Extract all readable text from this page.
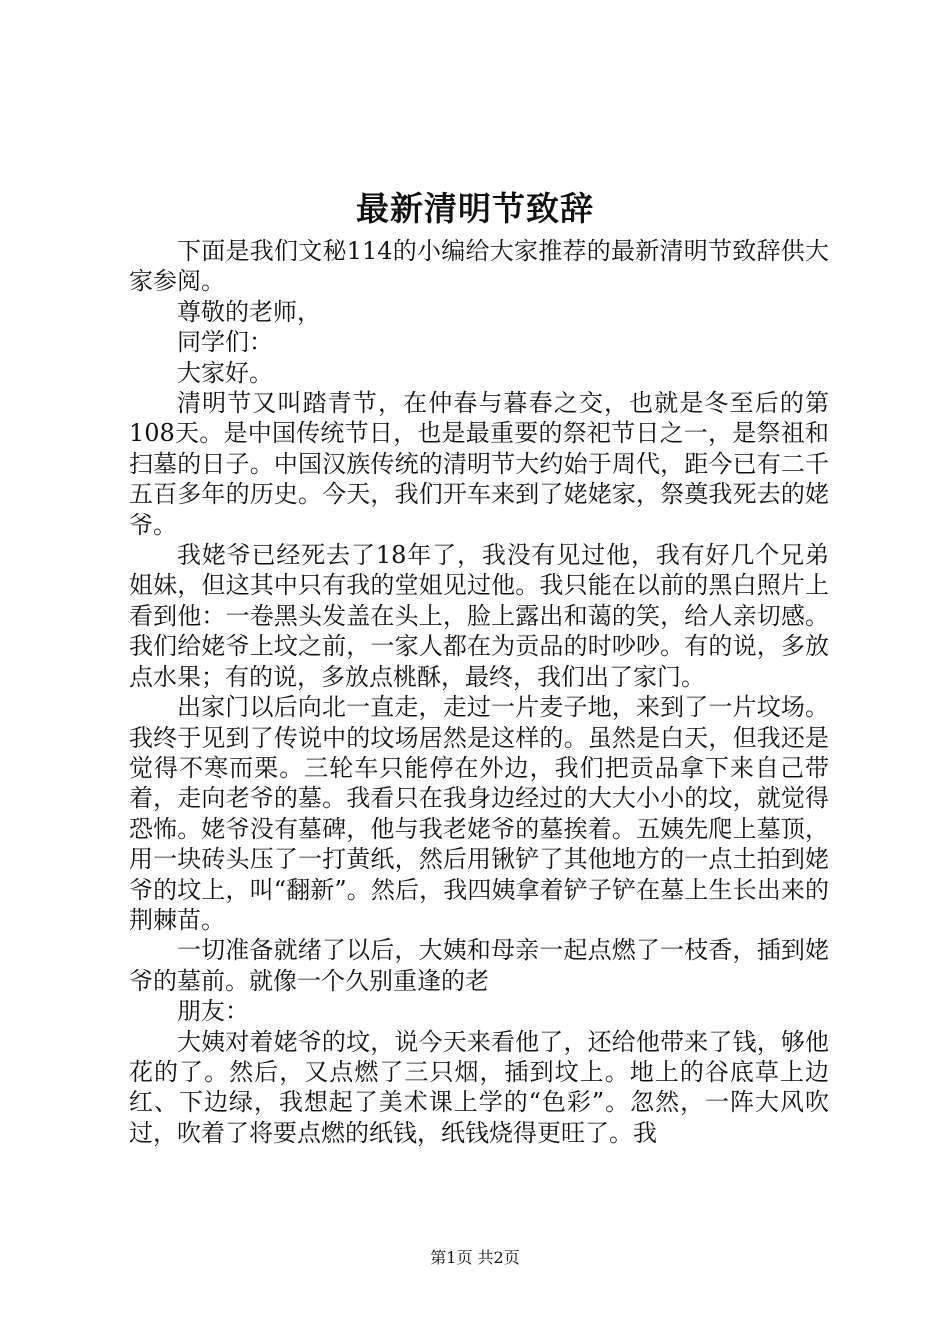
最新清明节致辞

下面是我们文秘114的小编给大家推荐的最新清明节致辞供大家参阅。

尊敬的老师，

同学们：

大家好。

清明节又叫踏青节，在仲春与暮春之交，也就是冬至后的第108天。是中国传统节日，也是最重要的祭祀节日之一，是祭祖和扫墓的日子。中国汉族传统的清明节大约始于周代，距今已有二千五百多年的历史。今天，我们开车来到了姥姥家，祭奠我死去的姥爷。

我姥爷已经死去了18年了，我没有见过他，我有好几个兄弟姐妹，但这其中只有我的堂姐见过他。我只能在以前的黑白照片上看到他：一卷黑头发盖在头上，脸上露出和蔼的笑，给人亲切感。我们给姥爷上坟之前，一家人都在为贡品的时吵吵。有的说，多放点水果；有的说，多放点桃酥，最终，我们出了家门。

出家门以后向北一直走，走过一片麦子地，来到了一片坟场。我终于见到了传说中的坟场居然是这样的。虽然是白天，但我还是觉得不寒而栗。三轮车只能停在外边，我们把贡品拿下来自己带着，走向老爷的墓。我看只在我身边经过的大大小小的坟，就觉得恐怖。姥爷没有墓碑，他与我老姥爷的墓挨着。五姨先爬上墓顶，用一块砖头压了一打黄纸，然后用锹铲了其他地方的一点土拍到姥爷的坟上，叫“翻新”。然后，我四姨拿着铲子铲在墓上生长出来的荆棘苗。

一切准备就绪了以后，大姨和母亲一起点燃了一枝香，插到姥爷的墓前。就像一个久别重逢的老

朋友：

大姨对着姥爷的坟，说今天来看他了，还给他带来了钱，够他花的了。然后，又点燃了三只烟，插到坟上。地上的谷底草上边红、下边绿，我想起了美术课上学的“色彩”。忽然，一阵大风吹过，吹着了将要点燃的纸钱，纸钱烧得更旺了。我

第1页 共2页
